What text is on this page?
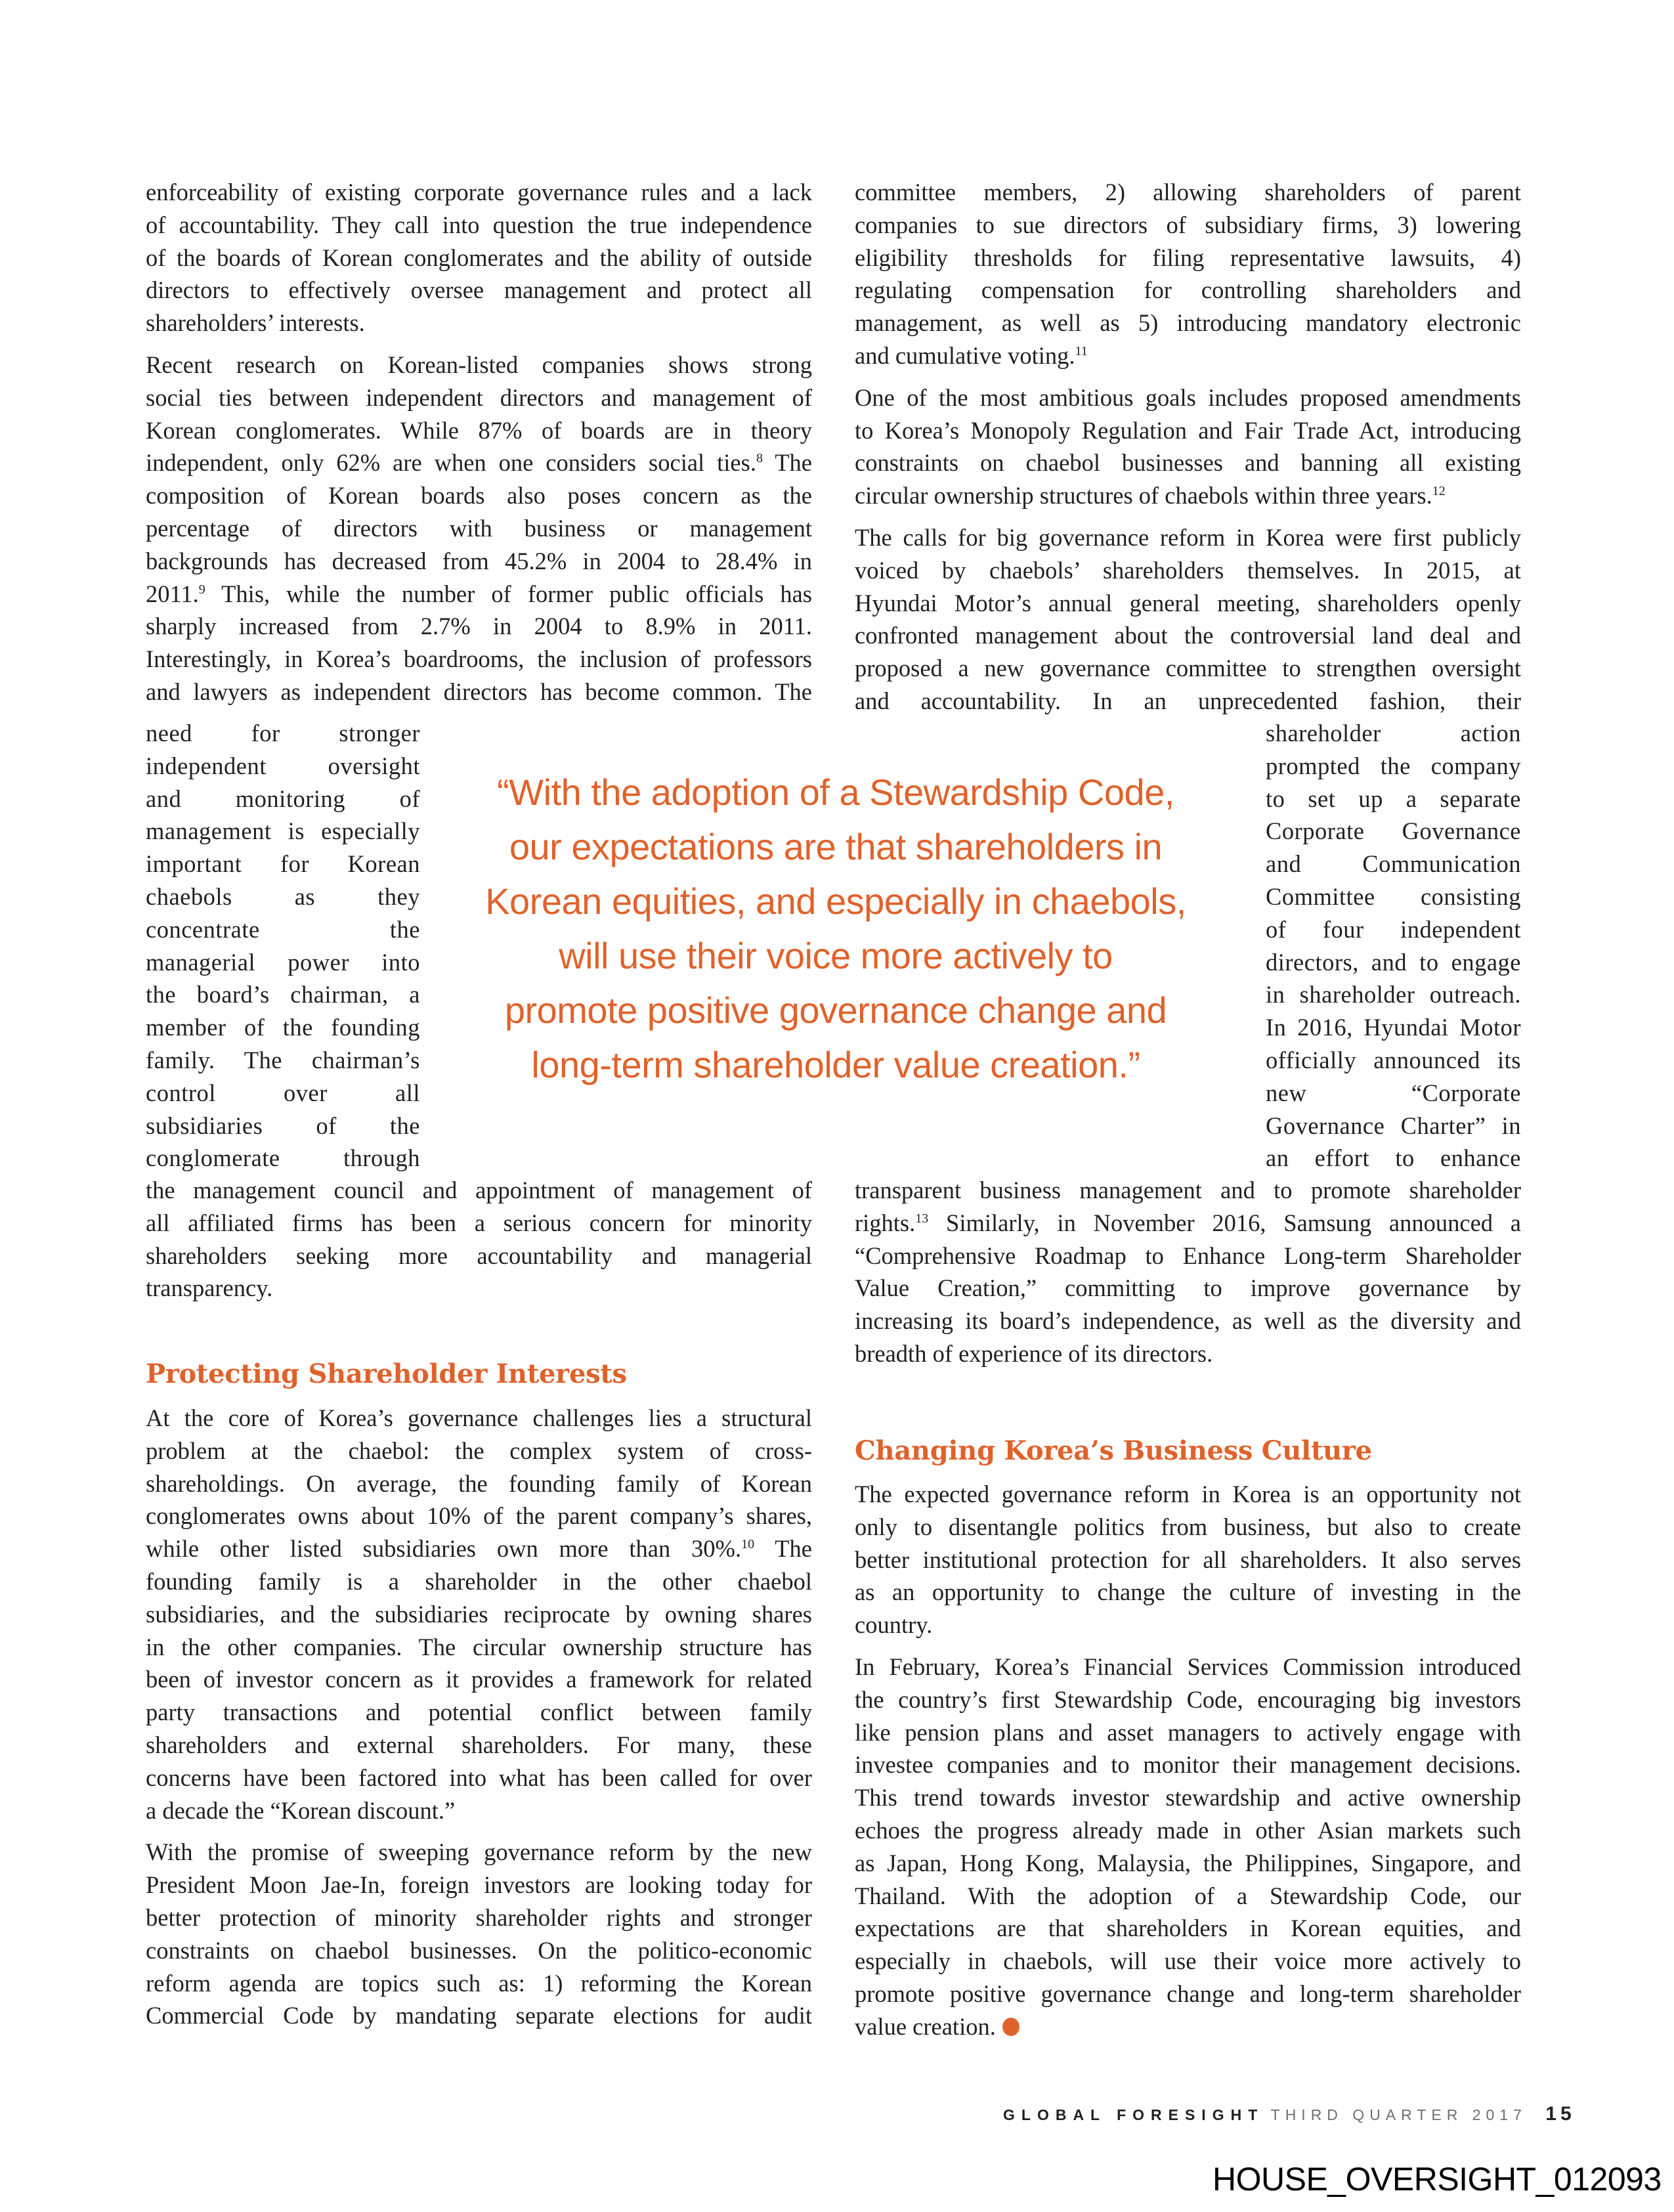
enforceability of existing corporate governance rules and a lack
of accountability. They call into question the true independence
of the boards of Korean conglomerates and the ability of outside
directors to effectively oversee management and protect all
shareholders’ interests.
Recent research on Korean-listed companies shows strong
social ties between independent directors and management of
Korean conglomerates. While 87% of boards are in theory
independent, only 62% are when one considers social ties.$^8$ The
composition of Korean boards also poses concern as the
percentage of directors with business or management
backgrounds has decreased from 45.2% in 2004 to 28.4% in
2011.$^9$ This, while the number of former public officials has
sharply increased from 2.7% in 2004 to 8.9% in 2011.
Interestingly, in Korea’s boardrooms, the inclusion of professors
and lawyers as independent directors has become common. The
need for stronger
independent oversight
and monitoring of
management is especially
important for Korean
chaebols as they
concentrate the
managerial power into
the board’s chairman, a
member of the founding
family. The chairman’s
control over all
subsidiaries of the
conglomerate through
the management council and appointment of management of
all affiliated firms has been a serious concern for minority
shareholders seeking more accountability and managerial
transparency.
Protecting Shareholder Interests
At the core of Korea’s governance challenges lies a structural
problem at the chaebol: the complex system of cross-
shareholdings. On average, the founding family of Korean
conglomerates owns about 10% of the parent company’s shares,
while other listed subsidiaries own more than 30%.$^{10}$ The
founding family is a shareholder in the other chaebol
subsidiaries, and the subsidiaries reciprocate by owning shares
in the other companies. The circular ownership structure has
been of investor concern as it provides a framework for related
party transactions and potential conflict between family
shareholders and external shareholders. For many, these
concerns have been factored into what has been called for over
a decade the “Korean discount.”
With the promise of sweeping governance reform by the new
President Moon Jae-In, foreign investors are looking today for
better protection of minority shareholder rights and stronger
constraints on chaebol businesses. On the politico-economic
reform agenda are topics such as: 1) reforming the Korean
Commercial Code by mandating separate elections for audit
committee members, 2) allowing shareholders of parent
companies to sue directors of subsidiary firms, 3) lowering
eligibility thresholds for filing representative lawsuits, 4)
regulating compensation for controlling shareholders and
management, as well as 5) introducing mandatory electronic
and cumulative voting.$^{11}$
One of the most ambitious goals includes proposed amendments
to Korea’s Monopoly Regulation and Fair Trade Act, introducing
constraints on chaebol businesses and banning all existing
circular ownership structures of chaebols within three years.$^{12}$
The calls for big governance reform in Korea were first publicly
voiced by chaebols’ shareholders themselves. In 2015, at
Hyundai Motor’s annual general meeting, shareholders openly
confronted management about the controversial land deal and
proposed a new governance committee to strengthen oversight
and accountability. In an unprecedented fashion, their
shareholder action
prompted the company
to set up a separate
Corporate Governance
and Communication
Committee consisting
of four independent
directors, and to engage
in shareholder outreach.
In 2016, Hyundai Motor
officially announced its
new “Corporate
Governance Charter” in
an effort to enhance
transparent business management and to promote shareholder
rights.$^{13}$ Similarly, in November 2016, Samsung announced a
“Comprehensive Roadmap to Enhance Long-term Shareholder
Value Creation,” committing to improve governance by
increasing its board’s independence, as well as the diversity and
breadth of experience of its directors.
Changing Korea’s Business Culture
The expected governance reform in Korea is an opportunity not
only to disentangle politics from business, but also to create
better institutional protection for all shareholders. It also serves
as an opportunity to change the culture of investing in the
country.
In February, Korea’s Financial Services Commission introduced
the country’s first Stewardship Code, encouraging big investors
like pension plans and asset managers to actively engage with
investee companies and to monitor their management decisions.
This trend towards investor stewardship and active ownership
echoes the progress already made in other Asian markets such
as Japan, Hong Kong, Malaysia, the Philippines, Singapore, and
Thailand. With the adoption of a Stewardship Code, our
expectations are that shareholders in Korean equities, and
especially in chaebols, will use their voice more actively to
promote positive governance change and long-term shareholder
value creation.
“With the adoption of a Stewardship Code,
our expectations are that shareholders in
Korean equities, and especially in chaebols,
will use their voice more actively to
promote positive governance change and
long-term shareholder value creation.”
GLOBAL FORESIGHT THIRD QUARTER 2017 15
HOUSE_OVERSIGHT_012093
